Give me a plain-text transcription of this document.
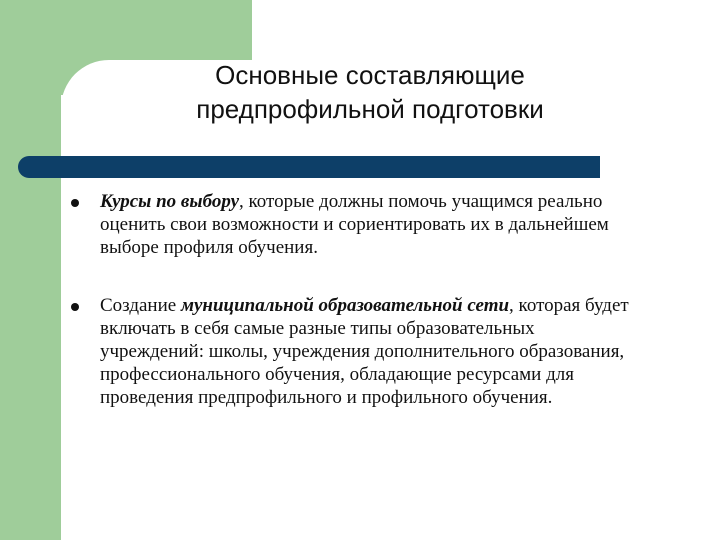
Основные составляющие
предпрофильной подготовки
Курсы по выбору, которые должны помочь учащимся реально оценить свои возможности и сориентировать их в дальнейшем выборе профиля обучения.
Создание муниципальной образовательной сети, которая будет включать в себя самые разные типы образовательных учреждений: школы, учреждения дополнительного образования, профессионального обучения, обладающие ресурсами для проведения предпрофильного и профильного обучения.
